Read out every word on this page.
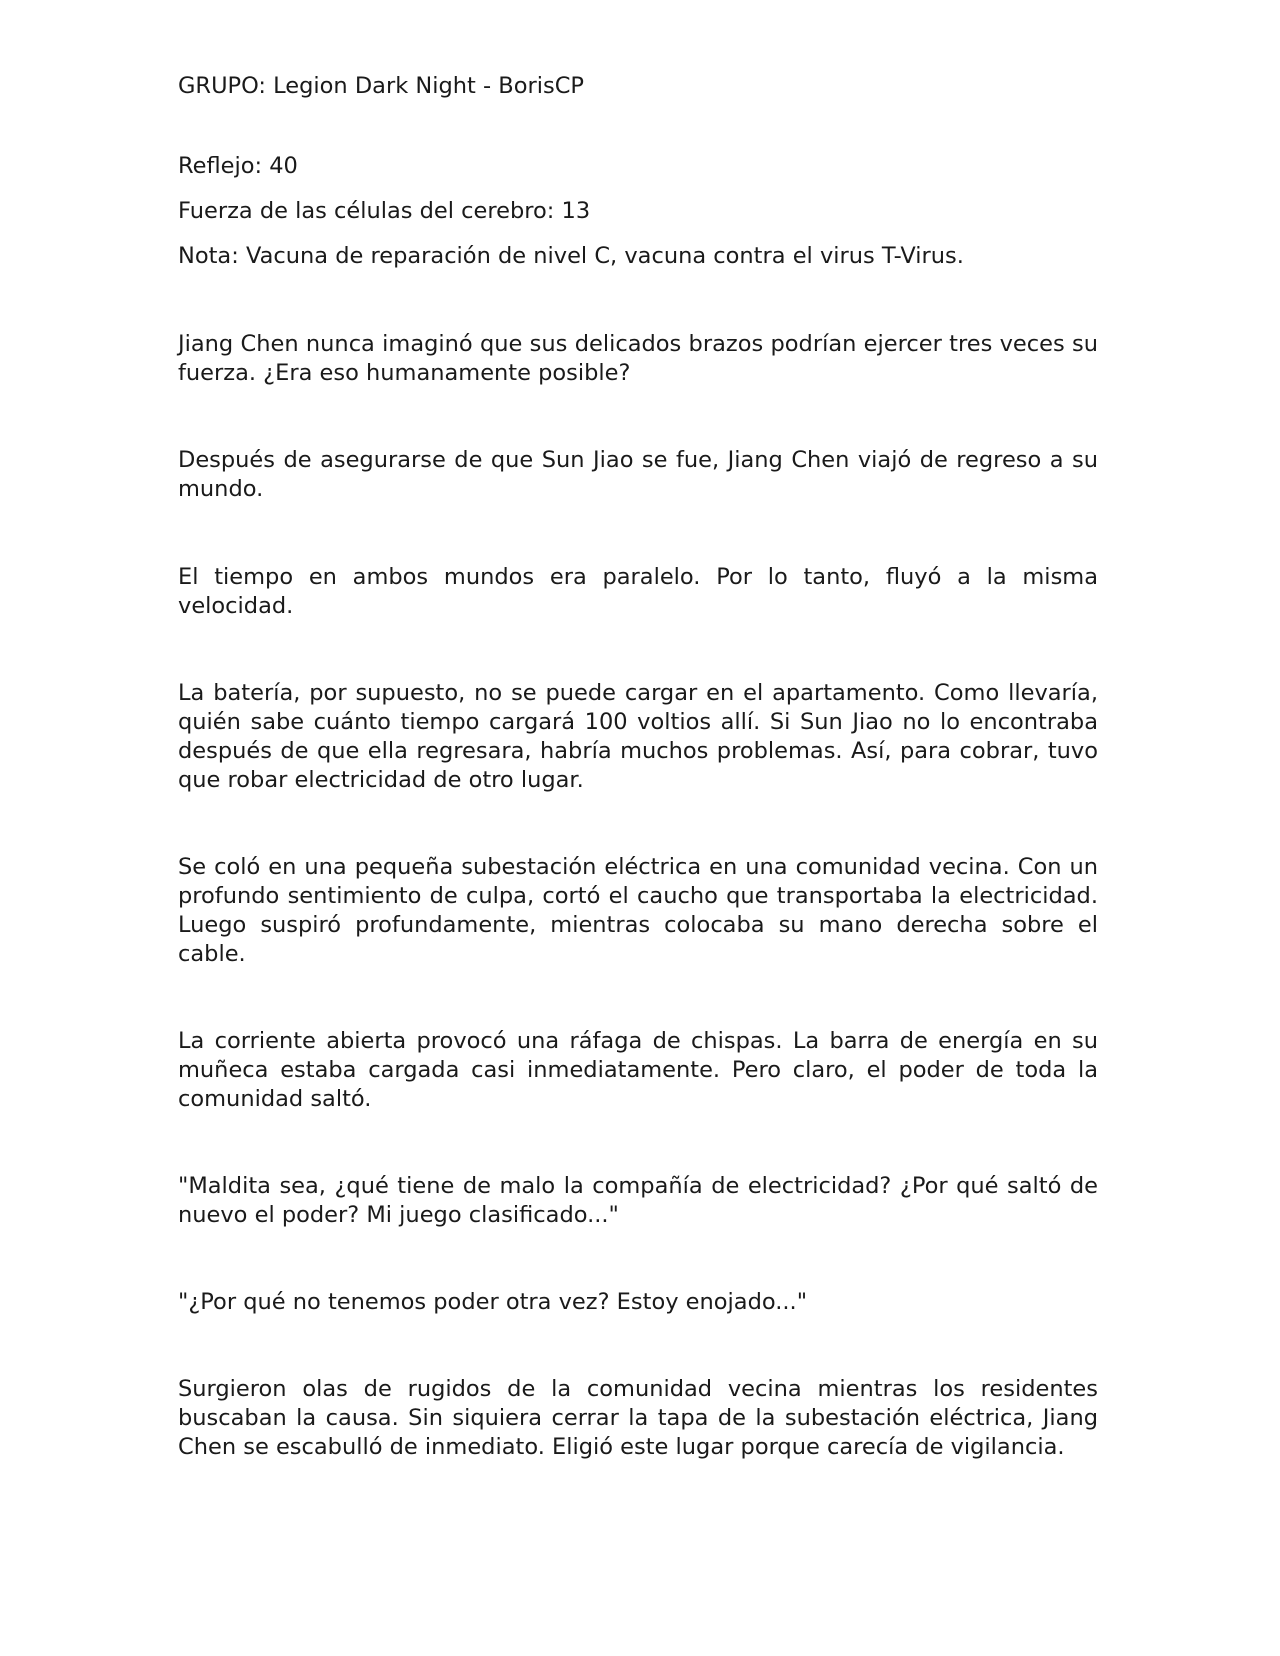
GRUPO: Legion Dark Night - BorisCP
Reflejo: 40
Fuerza de las células del cerebro: 13
Nota: Vacuna de reparación de nivel C, vacuna contra el virus T-Virus.

Jiang Chen nunca imaginó que sus delicados brazos podrían ejercer tres veces su fuerza. ¿Era eso humanamente posible?

Después de asegurarse de que Sun Jiao se fue, Jiang Chen viajó de regreso a su mundo.

El tiempo en ambos mundos era paralelo. Por lo tanto, fluyó a la misma velocidad.

La batería, por supuesto, no se puede cargar en el apartamento. Como llevaría, quién sabe cuánto tiempo cargará 100 voltios allí. Si Sun Jiao no lo encontraba después de que ella regresara, habría muchos problemas. Así, para cobrar, tuvo que robar electricidad de otro lugar.

Se coló en una pequeña subestación eléctrica en una comunidad vecina. Con un profundo sentimiento de culpa, cortó el caucho que transportaba la electricidad. Luego suspiró profundamente, mientras colocaba su mano derecha sobre el cable.

La corriente abierta provocó una ráfaga de chispas. La barra de energía en su muñeca estaba cargada casi inmediatamente. Pero claro, el poder de toda la comunidad saltó.

"Maldita sea, ¿qué tiene de malo la compañía de electricidad? ¿Por qué saltó de nuevo el poder? Mi juego clasificado..."

"¿Por qué no tenemos poder otra vez? Estoy enojado..."

Surgieron olas de rugidos de la comunidad vecina mientras los residentes buscaban la causa. Sin siquiera cerrar la tapa de la subestación eléctrica, Jiang Chen se escabulló de inmediato. Eligió este lugar porque carecía de vigilancia.
